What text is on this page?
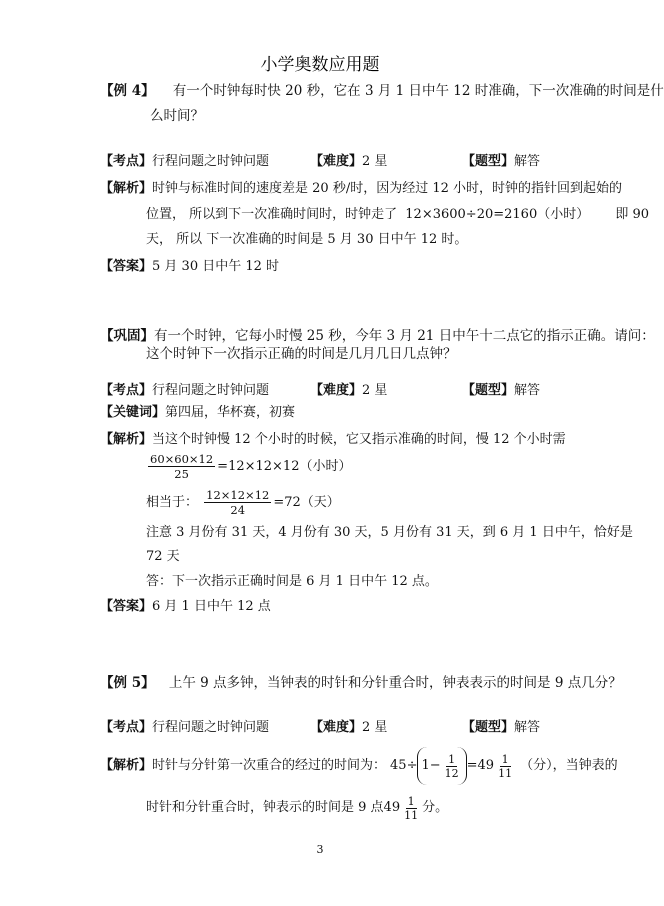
小学奥数应用题
【例 4】 有一个时钟每时快 20 秒，它在 3 月 1 日中午 12 时准确，下一次准确的时间是什
么时间？
【考点】行程问题之时钟问题	【难度】2 星	【题型】解答
【解析】时钟与标准时间的速度差是 20 秒/时，因为经过 12 小时，时钟的指针回到起始的
位置， 所以到下一次准确时间时，时钟走了 12×3600÷20=2160（小时） 即 90
天， 所以 下一次准确的时间是 5 月 30 日中午 12 时。
【答案】5 月 30 日中午 12 时
【巩固】有一个时钟，它每小时慢 25 秒，今年 3 月 21 日中午十二点它的指示正确。请问：
这个时钟下一次指示正确的时间是几月几日几点钟？
【考点】行程问题之时钟问题	【难度】2 星	【题型】解答
【关键词】第四届，华杯赛，初赛
【解析】当这个时钟慢 12 个小时的时候，它又指示准确的时间，慢 12 个小时需
$\frac{60\times 60\times 12}{25} =12\times 12\times 12$（小时）
相当于： $\frac{12\times 12\times 12}{24} =72$（天）
注意 3 月份有 31 天，4 月份有 30 天，5 月份有 31 天，到 6 月 1 日中午，恰好是
72 天
答：下一次指示正确时间是 6 月 1 日中午 12 点。
【答案】6 月 1 日中午 12 点
【例 5】 上午 9 点多钟，当钟表的时针和分针重合时，钟表表示的时间是 9 点几分？
【考点】行程问题之时钟问题	【难度】2 星	【题型】解答
【解析】 时针与分针第一次重合的经过的时间为： $45\div 1- \frac{1}{12} =49 \frac{1}{11}$ （分），当钟表的
时针和分针重合时，钟表示的时间是 9 点 $49 \frac{1}{11}$ 分。
3
